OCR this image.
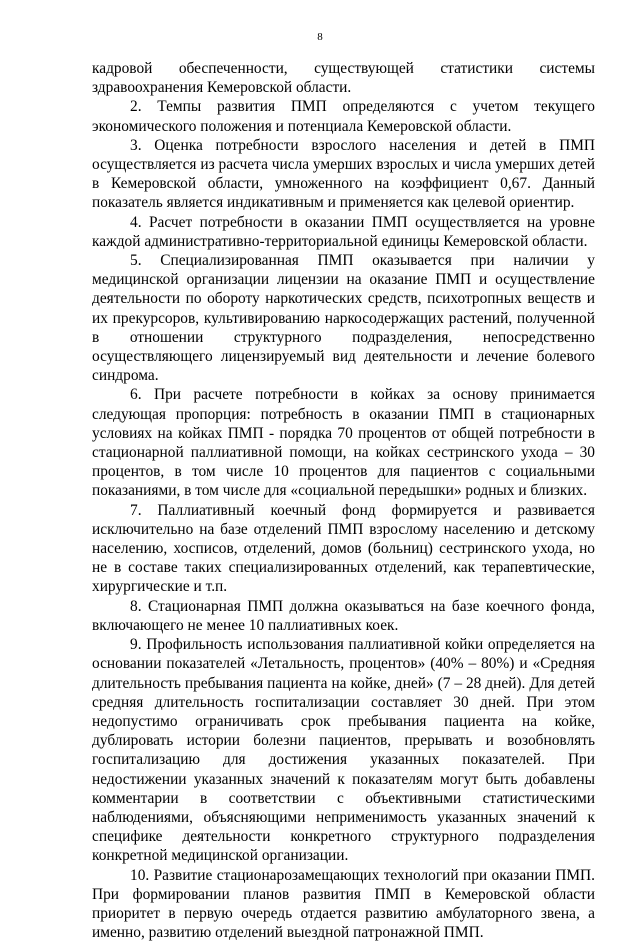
8

кадровой обеспеченности, существующей статистики системы здравоохранения Кемеровской области.

2. Темпы развития ПМП определяются с учетом текущего экономического положения и потенциала Кемеровской области.

3. Оценка потребности взрослого населения и детей в ПМП осуществляется из расчета числа умерших взрослых и числа умерших детей в Кемеровской области, умноженного на коэффициент 0,67. Данный показатель является индикативным и применяется как целевой ориентир.

4. Расчет потребности в оказании ПМП осуществляется на уровне каждой административно-территориальной единицы Кемеровской области.

5. Специализированная ПМП оказывается при наличии у медицинской организации лицензии на оказание ПМП и осуществление деятельности по обороту наркотических средств, психотропных веществ и их прекурсоров, культивированию наркосодержащих растений, полученной в отношении структурного подразделения, непосредственно осуществляющего лицензируемый вид деятельности и лечение болевого синдрома.

6. При расчете потребности в койках за основу принимается следующая пропорция: потребность в оказании ПМП в стационарных условиях на койках ПМП - порядка 70 процентов от общей потребности в стационарной паллиативной помощи, на койках сестринского ухода – 30 процентов, в том числе 10 процентов для пациентов с социальными показаниями, в том числе для «социальной передышки» родных и близких.

7. Паллиативный коечный фонд формируется и развивается исключительно на базе отделений ПМП взрослому населению и детскому населению, хосписов, отделений, домов (больниц) сестринского ухода, но не в составе таких специализированных отделений, как терапевтические, хирургические и т.п.

8. Стационарная ПМП должна оказываться на базе коечного фонда, включающего не менее 10 паллиативных коек.

9. Профильность использования паллиативной койки определяется на основании показателей «Летальность, процентов» (40% – 80%) и «Средняя длительность пребывания пациента на койке, дней» (7 – 28 дней). Для детей средняя длительность госпитализации составляет 30 дней. При этом недопустимо ограничивать срок пребывания пациента на койке, дублировать истории болезни пациентов, прерывать и возобновлять госпитализацию для достижения указанных показателей. При недостижении указанных значений к показателям могут быть добавлены комментарии в соответствии с объективными статистическими наблюдениями, объясняющими неприменимость указанных значений к специфике деятельности конкретного структурного подразделения конкретной медицинской организации.

10. Развитие стационарозамещающих технологий при оказании ПМП. При формировании планов развития ПМП в Кемеровской области приоритет в первую очередь отдается развитию амбулаторного звена, а именно, развитию отделений выездной патронажной ПМП.
